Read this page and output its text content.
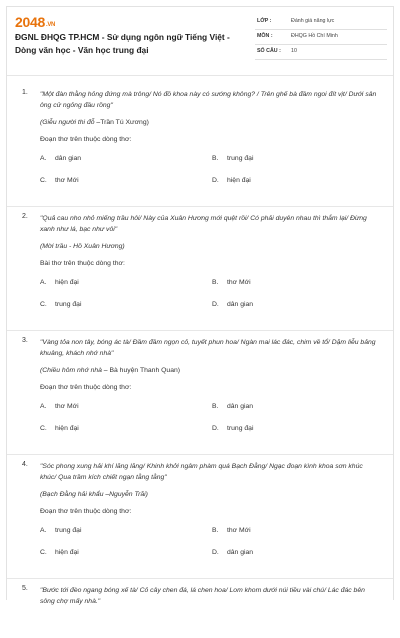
2048.VN
ĐGNL ĐHQG TP.HCM - Sử dụng ngôn ngữ Tiếng Việt - Dòng văn học - Văn học trung đại
LỚP :	Đánh giá năng lực
MÔN :	ĐHQG Hồ Chí Minh
SỐ CÂU : 10
1. "Một đàn thằng hỏng đứng mà trông/ Nó đồ khoa này có sướng không? / Trên ghế bà đầm ngoi đít vịt/ Dưới sân ông cử ngỏng đầu rồng"

(Giễu người thi đỗ –Trần Tú Xương)

Đoạn thơ trên thuộc dòng thơ:

A. dân gian	B. trung đại
C. thơ Mới	D. hiện đại
2. "Quả cau nho nhỏ miếng trầu hôi/ Này của Xuân Hương mới quệt rồi/ Có phải duyên nhau thì thắm lại/ Đừng xanh như lá, bạc như vôi"

(Mời trầu - Hồ Xuân Hương)

Bài thơ trên thuộc dòng thơ:

A. hiện đại	B. thơ Mới
C. trung đại	D. dân gian
3. "Vàng tỏa non tây, bóng ác tà/ Đầm đầm ngọn cỏ, tuyết phun hoa/ Ngàn mai lác đác, chim về tổ/ Dặm liễu bảng khuâng, khách nhớ nhà"

(Chiều hôm nhớ nhà – Bà huyện Thanh Quan)

Đoạn thơ trên thuộc dòng thơ:

A. thơ Mới	B. dân gian
C. hiện đại	D. trung đại
4. "Sóc phong xung hải khí lăng lăng/ Khinh khởi ngâm phàm quá Bạch Đằng/ Ngạc đoạn kình khoa sơn khúc khúc/ Qua trầm kích chiết ngạn tằng tằng"

(Bạch Đằng hải khẩu –Nguyễn Trãi)

Đoạn thơ trên thuộc dòng thơ:

A. trung đại	B. thơ Mới
C. hiện đại	D. dân gian
5. "Bước tới đèo ngang bóng xế tà/ Cỏ cây chen đá, lá chen hoa/ Lom khom dưới núi tiều vài chú/ Lác đác bên sông chợ mấy nhà."
